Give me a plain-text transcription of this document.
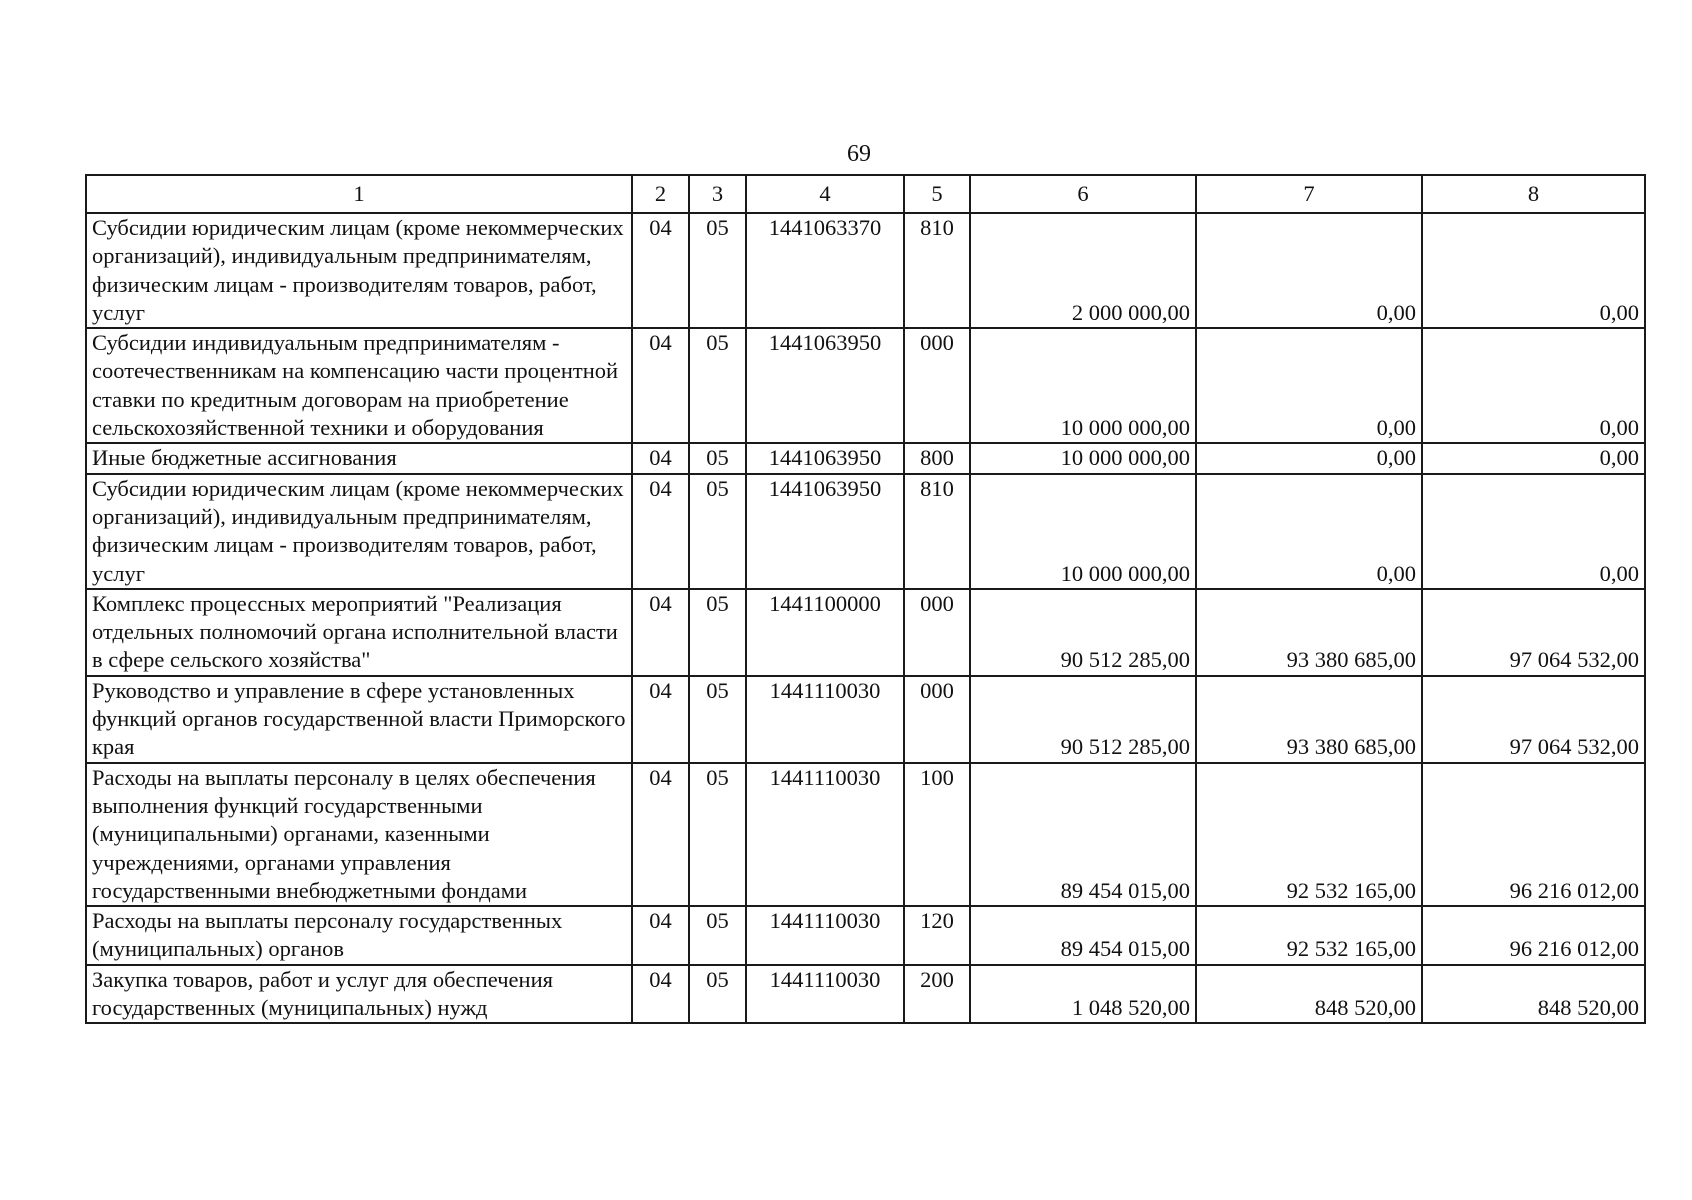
69
1	2	3	4	5	6	7	8
Субсидии юридическим лицам (кроме некоммерческих организаций), индивидуальным предпринимателям, физическим лицам - производителям товаров, работ, услуг	04	05	1441063370	810	2 000 000,00	0,00	0,00
Субсидии индивидуальным предпринимателям - соотечественникам на компенсацию части процентной ставки по кредитным договорам на приобретение сельскохозяйственной техники и оборудования	04	05	1441063950	000	10 000 000,00	0,00	0,00
Иные бюджетные ассигнования	04	05	1441063950	800	10 000 000,00	0,00	0,00
Субсидии юридическим лицам (кроме некоммерческих организаций), индивидуальным предпринимателям, физическим лицам - производителям товаров, работ, услуг	04	05	1441063950	810	10 000 000,00	0,00	0,00
Комплекс процессных мероприятий "Реализация отдельных полномочий органа исполнительной власти в сфере сельского хозяйства"	04	05	1441100000	000	90 512 285,00	93 380 685,00	97 064 532,00
Руководство и управление в сфере установленных функций органов государственной власти Приморского края	04	05	1441110030	000	90 512 285,00	93 380 685,00	97 064 532,00
Расходы на выплаты персоналу в целях обеспечения выполнения функций государственными (муниципальными) органами, казенными учреждениями, органами управления государственными внебюджетными фондами	04	05	1441110030	100	89 454 015,00	92 532 165,00	96 216 012,00
Расходы на выплаты персоналу государственных (муниципальных) органов	04	05	1441110030	120	89 454 015,00	92 532 165,00	96 216 012,00
Закупка товаров, работ и услуг для обеспечения государственных (муниципальных) нужд	04	05	1441110030	200	1 048 520,00	848 520,00	848 520,00
